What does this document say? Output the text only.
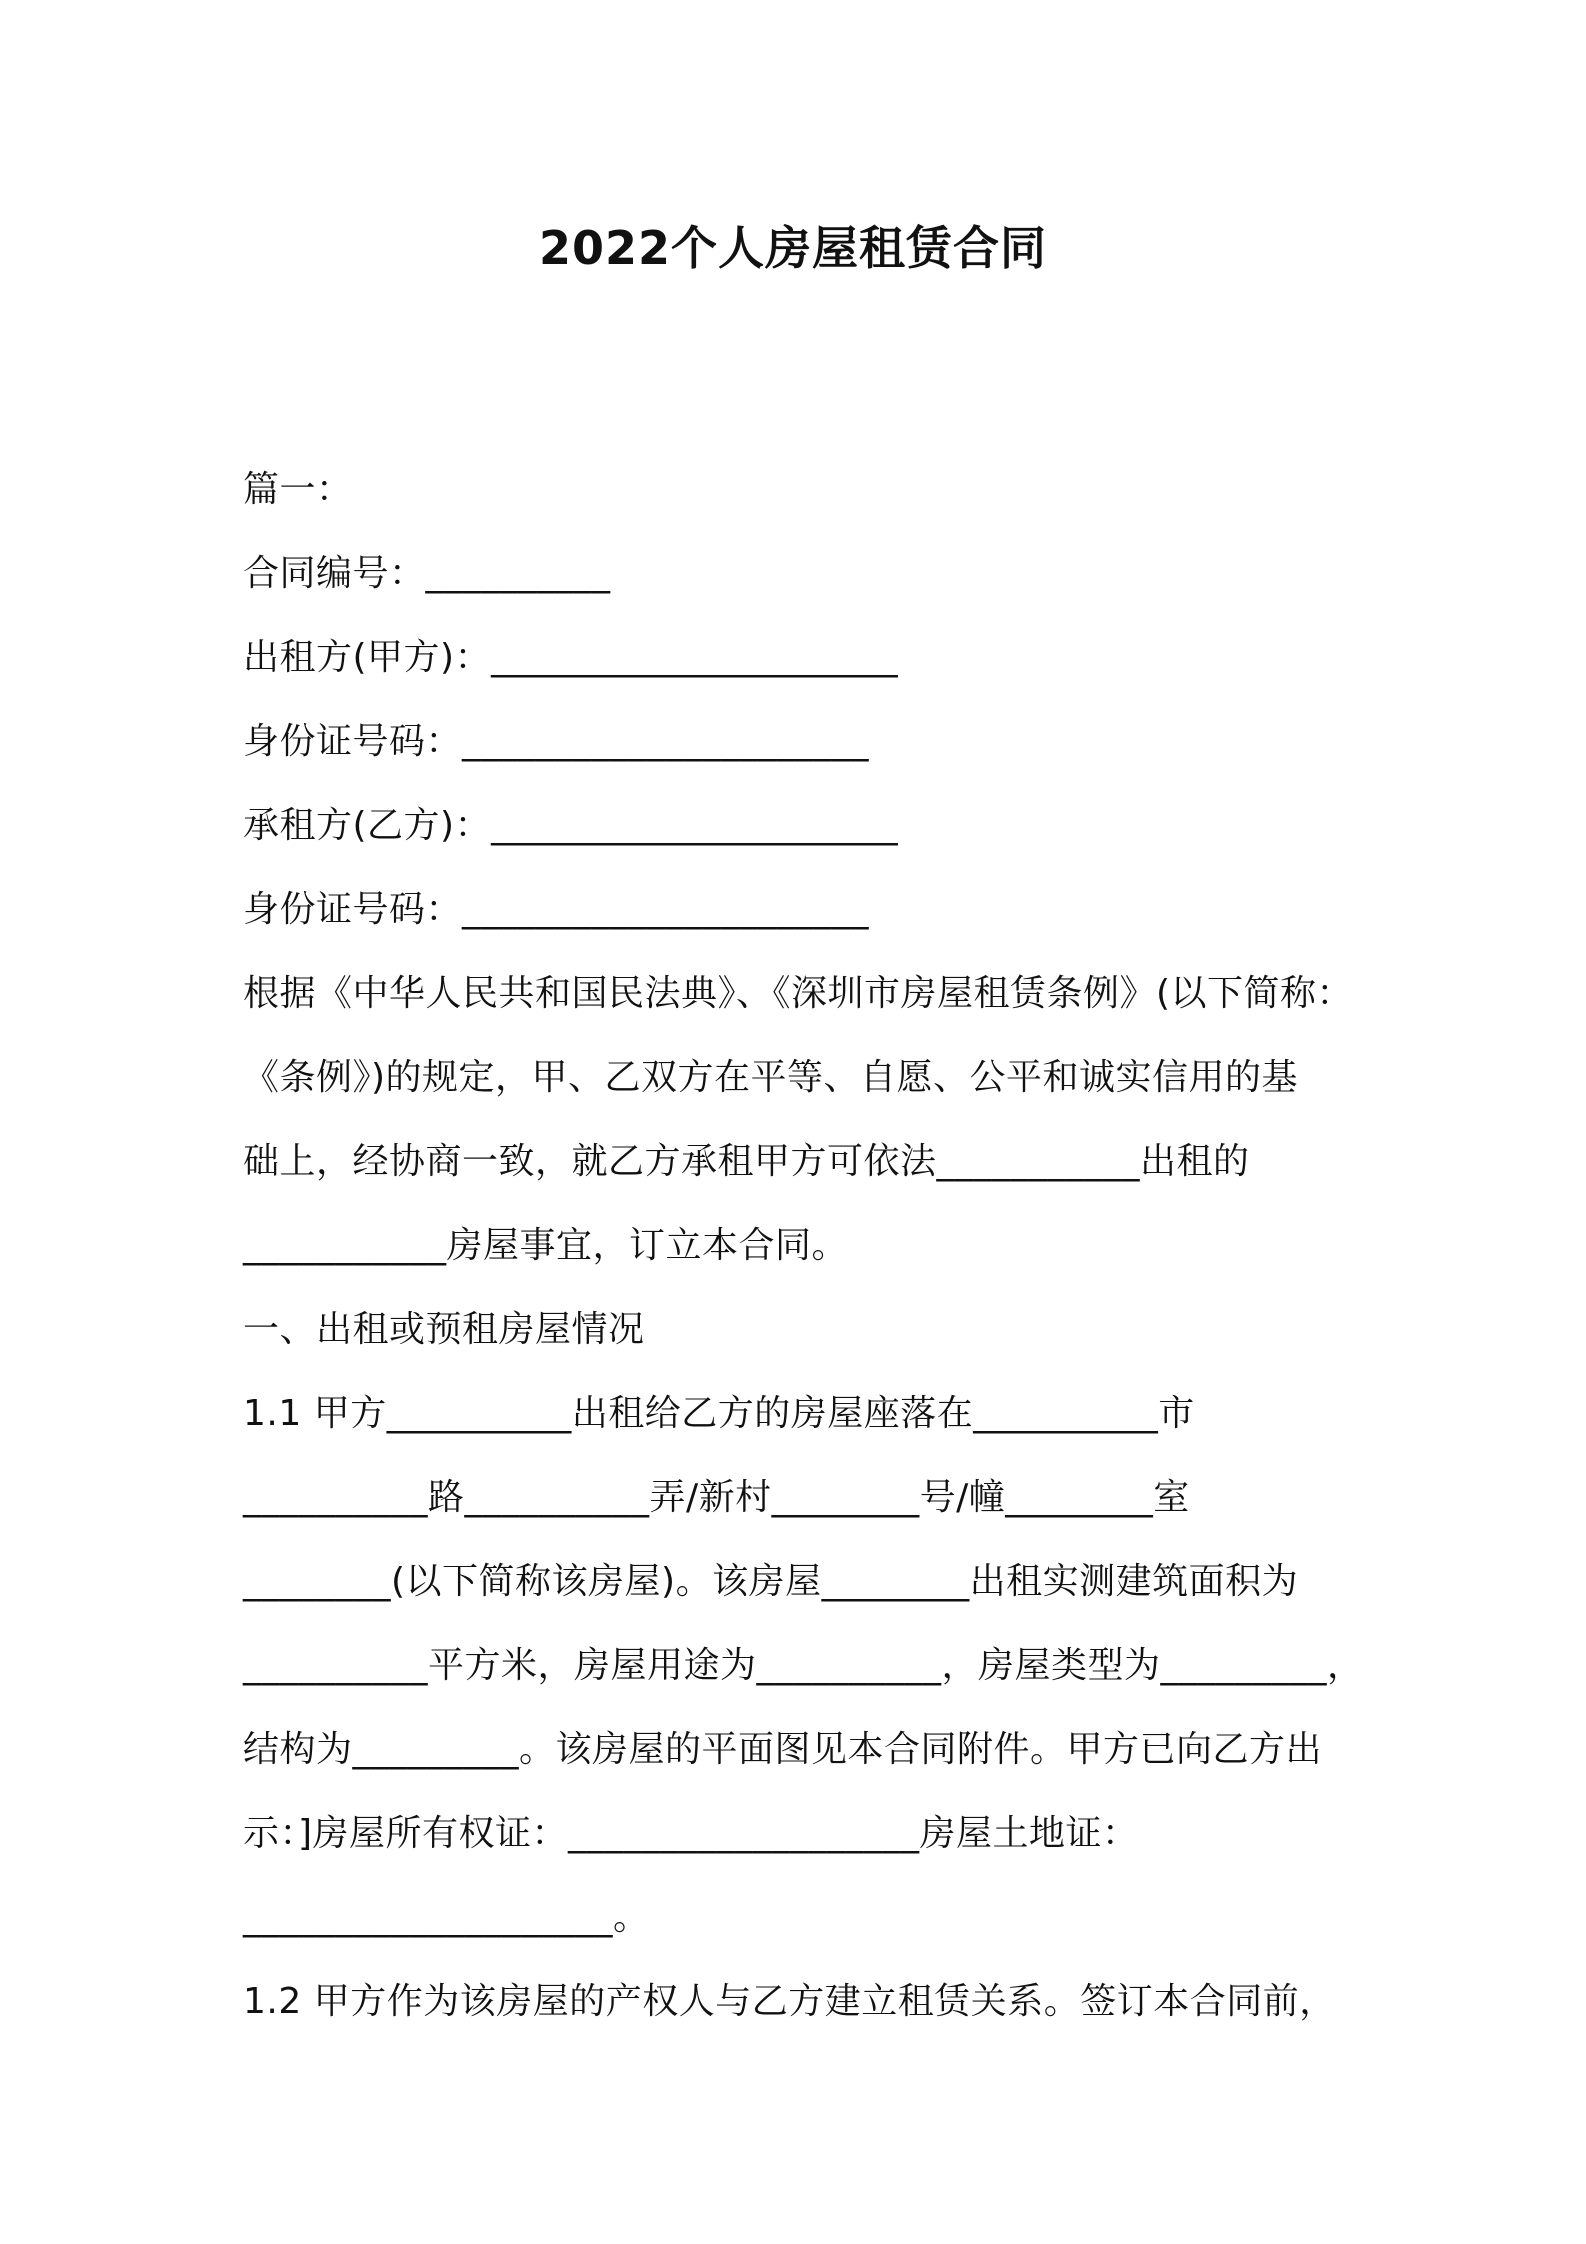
2022个人房屋租赁合同
篇一：
合同编号：__________
出租方(甲方)：______________________
身份证号码：______________________
承租方(乙方)：______________________
身份证号码：______________________
根据《中华人民共和国民法典》、《深圳市房屋租赁条例》(以下简称：
《条例》)的规定，甲、乙双方在平等、自愿、公平和诚实信用的基
础上，经协商一致，就乙方承租甲方可依法___________出租的
___________房屋事宜，订立本合同。
一、出租或预租房屋情况
1.1 甲方__________出租给乙方的房屋座落在__________市
__________路__________弄/新村________号/幢________室
________(以下简称该房屋)。该房屋________出租实测建筑面积为
__________平方米，房屋用途为__________，房屋类型为_________，
结构为_________。该房屋的平面图见本合同附件。甲方已向乙方出
示：]房屋所有权证：___________________房屋土地证：
____________________。
1.2 甲方作为该房屋的产权人与乙方建立租赁关系。签订本合同前，
